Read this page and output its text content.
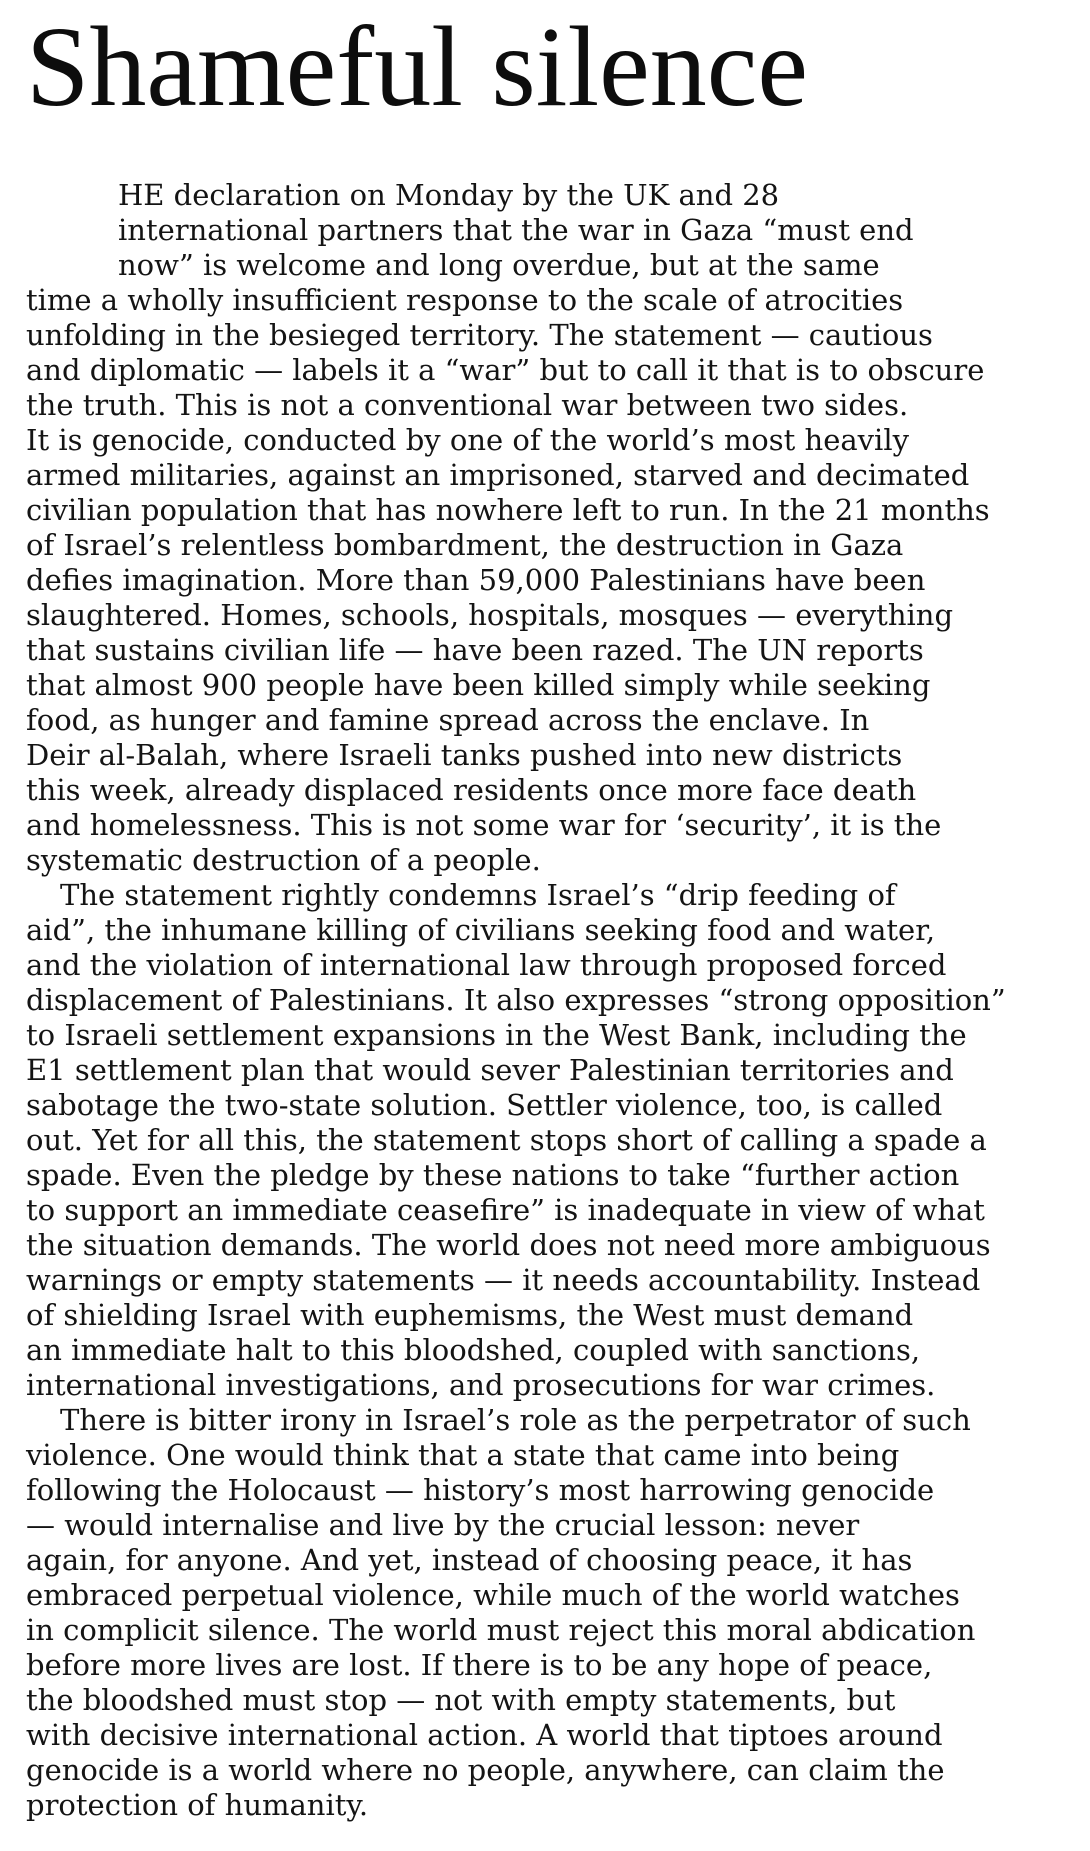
Shameful silence
HE declaration on Monday by the UK and 28
international partners that the war in Gaza “must end
now” is welcome and long overdue, but at the same
time a wholly insufficient response to the scale of atrocities
unfolding in the besieged territory. The statement — cautious
and diplomatic — labels it a “war” but to call it that is to obscure
the truth. This is not a conventional war between two sides.
It is genocide, conducted by one of the world’s most heavily
armed militaries, against an imprisoned, starved and decimated
civilian population that has nowhere left to run. In the 21 months
of Israel’s relentless bombardment, the destruction in Gaza
defies imagination. More than 59,000 Palestinians have been
slaughtered. Homes, schools, hospitals, mosques — everything
that sustains civilian life — have been razed. The UN reports
that almost 900 people have been killed simply while seeking
food, as hunger and famine spread across the enclave. In
Deir al-Balah, where Israeli tanks pushed into new districts
this week, already displaced residents once more face death
and homelessness. This is not some war for ‘security’, it is the
systematic destruction of a people.
The statement rightly condemns Israel’s “drip feeding of
aid”, the inhumane killing of civilians seeking food and water,
and the violation of international law through proposed forced
displacement of Palestinians. It also expresses “strong opposition”
to Israeli settlement expansions in the West Bank, including the
E1 settlement plan that would sever Palestinian territories and
sabotage the two-state solution. Settler violence, too, is called
out. Yet for all this, the statement stops short of calling a spade a
spade. Even the pledge by these nations to take “further action
to support an immediate ceasefire” is inadequate in view of what
the situation demands. The world does not need more ambiguous
warnings or empty statements — it needs accountability. Instead
of shielding Israel with euphemisms, the West must demand
an immediate halt to this bloodshed, coupled with sanctions,
international investigations, and prosecutions for war crimes.
There is bitter irony in Israel’s role as the perpetrator of such
violence. One would think that a state that came into being
following the Holocaust — history’s most harrowing genocide
— would internalise and live by the crucial lesson: never
again, for anyone. And yet, instead of choosing peace, it has
embraced perpetual violence, while much of the world watches
in complicit silence. The world must reject this moral abdication
before more lives are lost. If there is to be any hope of peace,
the bloodshed must stop — not with empty statements, but
with decisive international action. A world that tiptoes around
genocide is a world where no people, anywhere, can claim the
protection of humanity.
